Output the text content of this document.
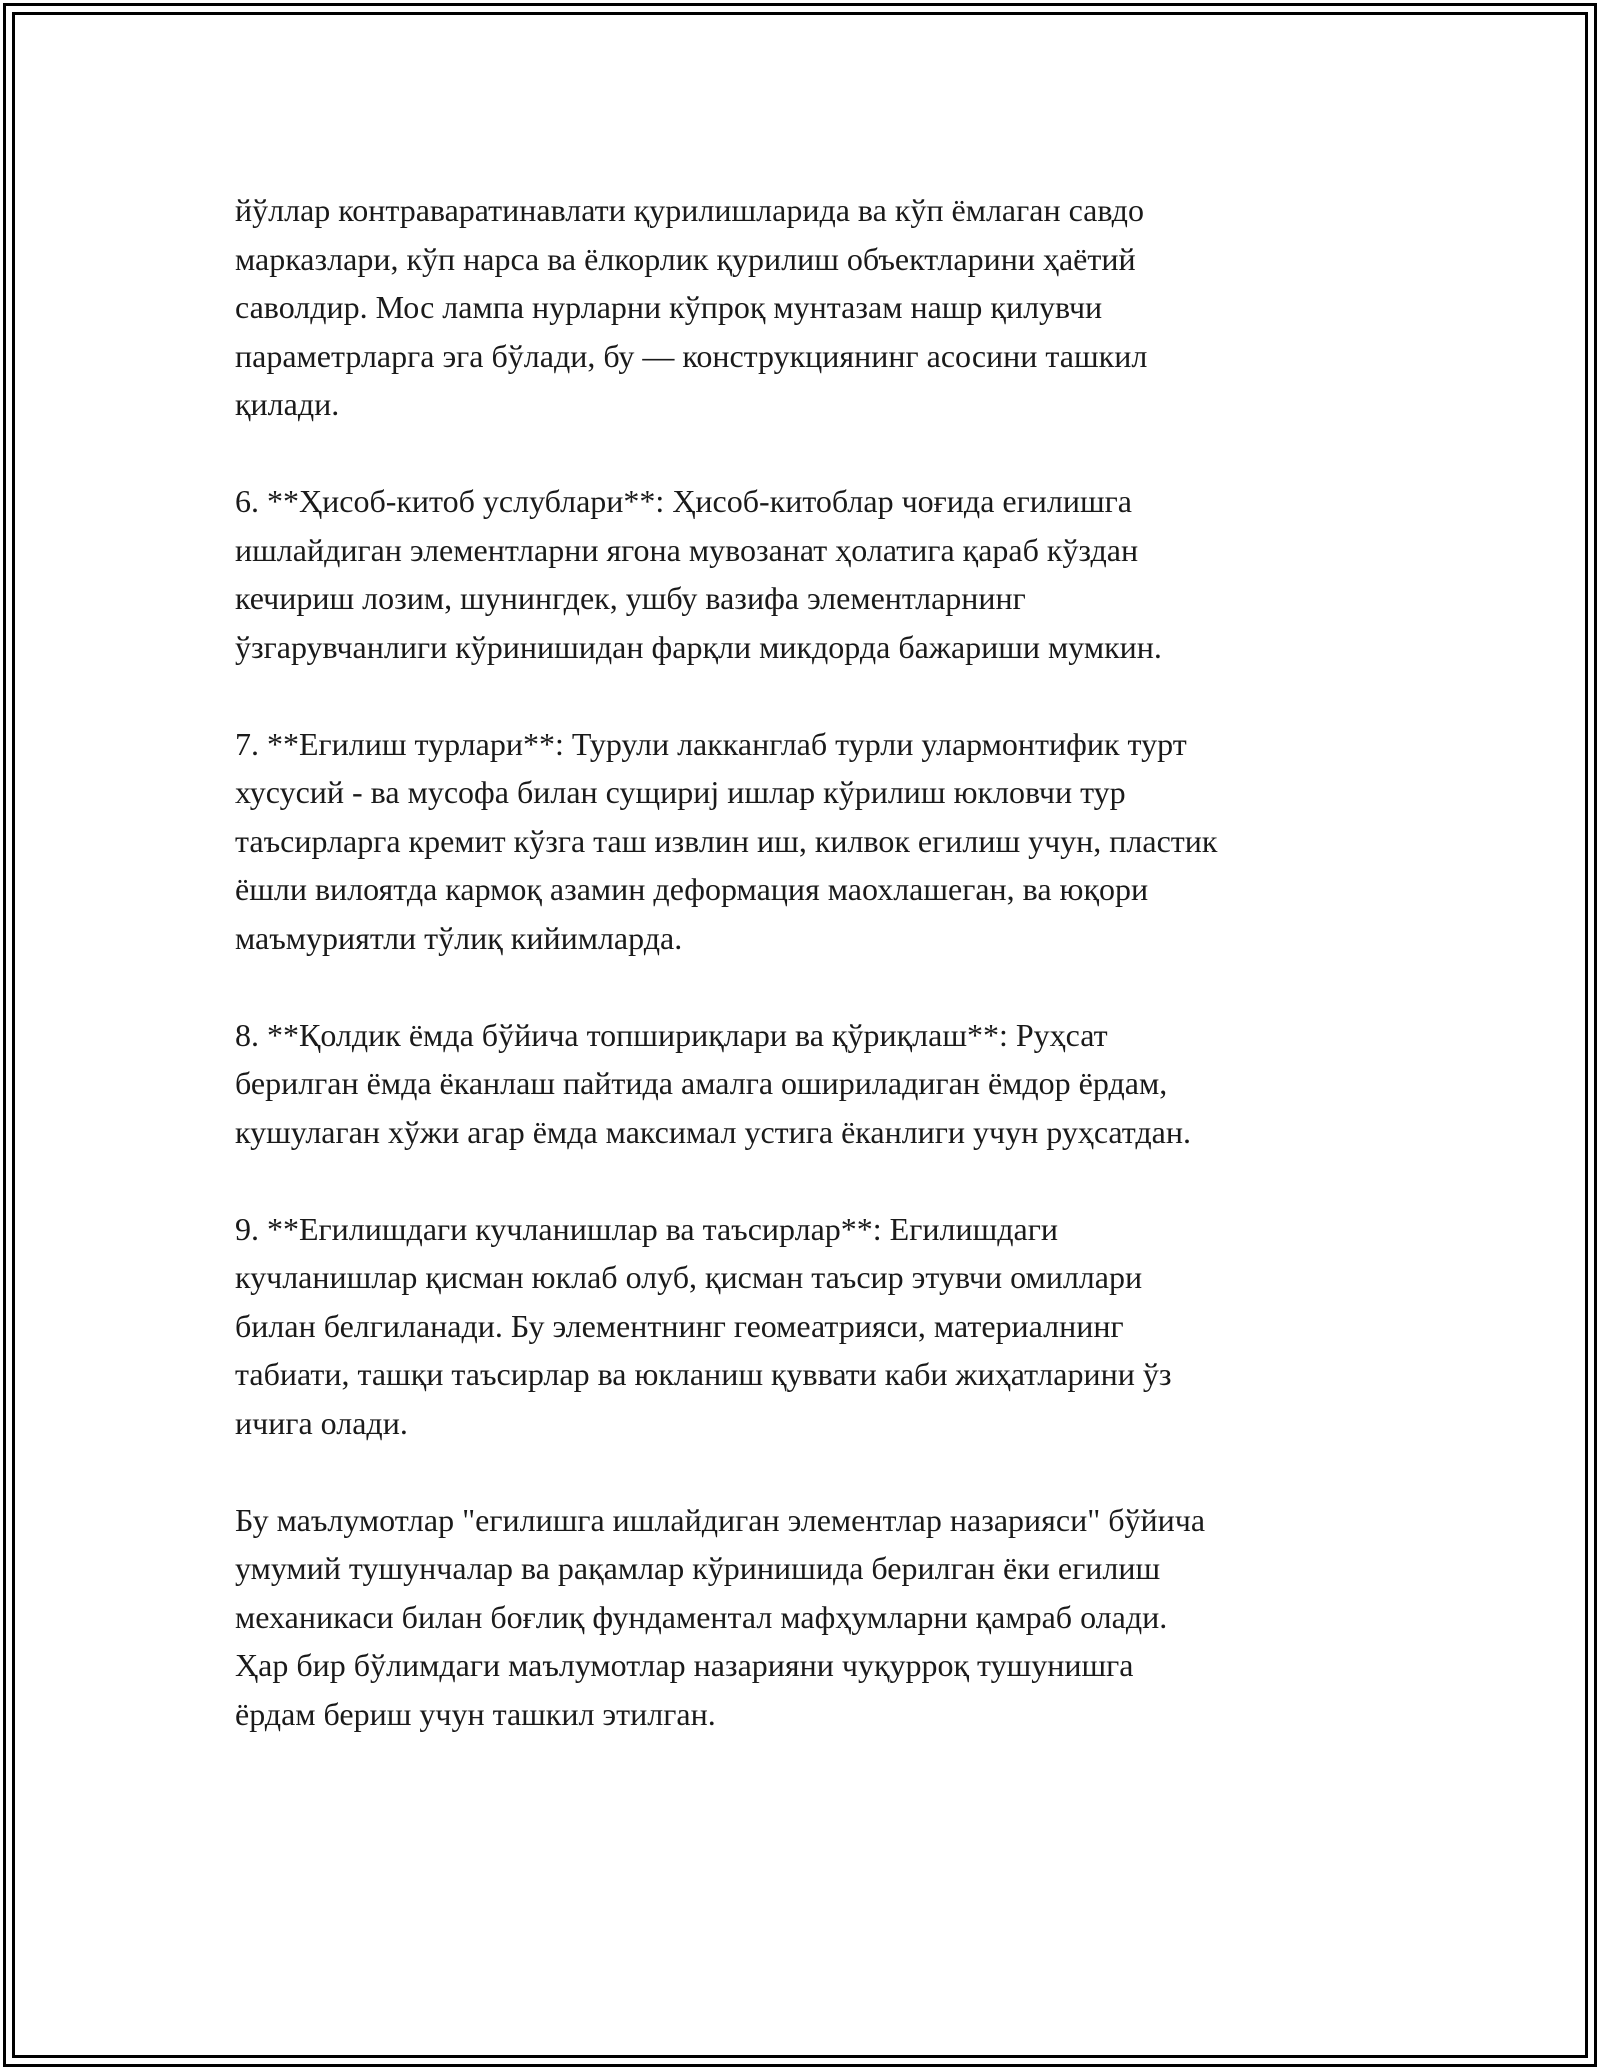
йўллар контраваратинавлати қурилишларида ва кўп ёмлаган савдо
марказлари, кўп нарса ва ёлкорлик қурилиш объектларини ҳаётий
саволдир. Мос лампа нурларни кўпроқ мунтазам нашр қилувчи
параметрларга эга бўлади, бу — конструкциянинг асосини ташкил
қилади.

6. **Ҳисоб-китоб услублари**: Ҳисоб-китоблар чоғида егилишга
ишлайдиган элементларни ягона мувозанат ҳолатига қараб кўздан
кечириш лозим, шунингдек, ушбу вазифа элементларнинг
ўзгарувчанлиги кўринишидан фарқли микдорда бажариши мумкин.

7. **Егилиш турлари**: Турули лакканглаб турли улармонтифик турт
хусусий - ва мусофа билан сущириј ишлар кўрилиш юкловчи тур
таъсирларга кремит кўзга таш извлин иш, килвок егилиш учун, пластик
ёшли вилоятда кармоқ азамин деформация маохлашеган, ва юқори
маъмуриятли тўлиқ кийимларда.

8. **Қолдик ёмда бўйича топшириқлари ва қўриқлаш**: Руҳсат
берилган ёмда ёканлаш пайтида амалга ошириладиган ёмдор ёрдам,
кушулаган хўжи агар ёмда максимал устига ёканлиги учун руҳсатдан.

9. **Егилишдаги кучланишлар ва таъсирлар**: Егилишдаги
кучланишлар қисман юклаб олуб, қисман таъсир этувчи омиллари
билан белгиланади. Бу элементнинг геомеатрияси, материалнинг
табиати, ташқи таъсирлар ва юкланиш қуввати каби жиҳатларини ўз
ичига олади.

Бу маълумотлар "егилишга ишлайдиган элементлар назарияси" бўйича
умумий тушунчалар ва рақамлар кўринишида берилган ёки егилиш
механикаси билан боғлиқ фундаментал мафҳумларни қамраб олади.
Ҳар бир бўлимдаги маълумотлар назарияни чуқурроқ тушунишга
ёрдам бериш учун ташкил этилган.
